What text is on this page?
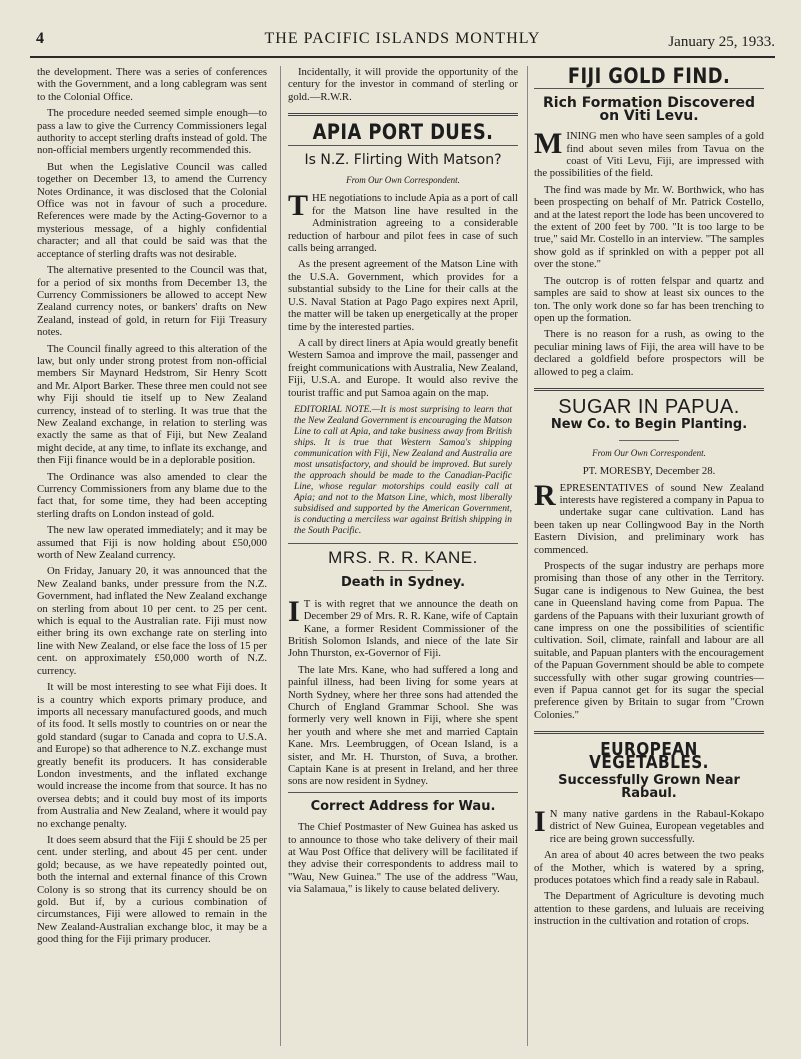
4	THE PACIFIC ISLANDS MONTHLY	January 25, 1933.

the development. There was a series of conferences with the Government, and a long cablegram was sent to the Colonial Office.

The procedure needed seemed simple enough—to pass a law to give the Currency Commissioners legal authority to accept sterling drafts instead of gold. The non-official members urgently recommended this.

But when the Legislative Council was called together on December 13, to amend the Currency Notes Ordinance, it was disclosed that the Colonial Office was not in favour of such a procedure. References were made by the Acting-Governor to a mysterious message, of a highly confidential character; and all that could be said was that the acceptance of sterling drafts was not desirable.

The alternative presented to the Council was that, for a period of six months from December 13, the Currency Commissioners be allowed to accept New Zealand currency notes, or bankers' drafts on New Zealand, instead of gold, in return for Fiji Treasury notes.

The Council finally agreed to this alteration of the law, but only under strong protest from non-official members Sir Maynard Hedstrom, Sir Henry Scott and Mr. Alport Barker. These three men could not see why Fiji should tie itself up to New Zealand currency, instead of to sterling. It was true that the New Zealand exchange, in relation to sterling was exactly the same as that of Fiji, but New Zealand might decide, at any time, to inflate its exchange, and then Fiji finance would be in a deplorable position.

The Ordinance was also amended to clear the Currency Commissioners from any blame due to the fact that, for some time, they had been accepting sterling drafts on London instead of gold.

The new law operated immediately; and it may be assumed that Fiji is now holding about £50,000 worth of New Zealand currency.

On Friday, January 20, it was announced that the New Zealand banks, under pressure from the N.Z. Government, had inflated the New Zealand exchange on sterling from about 10 per cent. to 25 per cent. which is equal to the Australian rate. Fiji must now either bring its own exchange rate on sterling into line with New Zealand, or else face the loss of 15 per cent. on approximately £50,000 worth of N.Z. currency.

It will be most interesting to see what Fiji does. It is a country which exports primary produce, and imports all necessary manufactured goods, and much of its food. It sells mostly to countries on or near the gold standard (sugar to Canada and copra to U.S.A. and Europe) so that adherence to N.Z. exchange must greatly benefit its producers. It has considerable London investments, and the inflated exchange would increase the income from that source. It has no oversea debts; and it could buy most of its imports from Australia and New Zealand, where it would pay no exchange penalty.

It does seem absurd that the Fiji £ should be 25 per cent. under sterling, and about 45 per cent. under gold; because, as we have repeatedly pointed out, both the internal and external finance of this Crown Colony is so strong that its currency should be on gold. But if, by a curious combination of circumstances, Fiji were allowed to remain in the New Zealand-Australian exchange bloc, it may be a good thing for the Fiji primary producer.

Incidentally, it will provide the opportunity of the century for the investor in command of sterling or gold.—R.W.R.

APIA PORT DUES.
Is N.Z. Flirting With Matson?
From Our Own Correspondent.

THE negotiations to include Apia as a port of call for the Matson line have resulted in the Administration agreeing to a considerable reduction of harbour and pilot fees in case of such calls being arranged.

As the present agreement of the Matson Line with the U.S.A. Government, which provides for a substantial subsidy to the Line for their calls at the U.S. Naval Station at Pago Pago expires next April, the matter will be taken up energetically at the proper time by the interested parties.

A call by direct liners at Apia would greatly benefit Western Samoa and improve the mail, passenger and freight communications with Australia, New Zealand, Fiji, U.S.A. and Europe. It would also revive the tourist traffic and put Samoa again on the map.

EDITORIAL NOTE.—It is most surprising to learn that the New Zealand Government is encouraging the Matson Line to call at Apia, and take business away from British ships. It is true that Western Samoa's shipping communication with Fiji, New Zealand and Australia are most unsatisfactory, and should be improved. But surely the approach should be made to the Canadian-Pacific Line, whose regular motorships could easily call at Apia; and not to the Matson Line, which, most liberally subsidised and supported by the American Government, is conducting a merciless war against British shipping in the South Pacific.
MRS. R. R. KANE.
Death in Sydney.

I T is with regret that we announce the death on December 29 of Mrs. R. R. Kane, wife of Captain Kane, a former Resident Commissioner of the British Solomon Islands, and niece of the late Sir John Thurston, ex-Governor of Fiji.

The late Mrs. Kane, who had suffered a long and painful illness, had been living for some years at North Sydney, where her three sons had attended the Church of England Grammar School. She was formerly very well known in Fiji, where she spent her youth and where she met and married Captain Kane. Mrs. Leembruggen, of Ocean Island, is a sister, and Mr. H. Thurston, of Suva, a brother. Captain Kane is at present in Ireland, and her three sons are now resident in Sydney.

Correct Address for Wau.

The Chief Postmaster of New Guinea has asked us to announce to those who take delivery of their mail at Wau Post Office that delivery will be facilitated if they advise their correspondents to address mail to "Wau, New Guinea." The use of the address "Wau, via Salamaua," is likely to cause belated delivery.

FIJI GOLD FIND.
Rich Formation Discovered on Viti Levu.

MINING men who have seen samples of a gold find about seven miles from Tavua on the coast of Viti Levu, Fiji, are impressed with the possibilities of the field.

The find was made by Mr. W. Borthwick, who has been prospecting on behalf of Mr. Patrick Costello, and at the latest report the lode has been uncovered to the extent of 200 feet by 700. "It is too large to be true," said Mr. Costello in an interview. "The samples show gold as if sprinkled on with a pepper pot all over the stone."

The outcrop is of rotten felspar and quartz and samples are said to show at least six ounces to the ton. The only work done so far has been trenching to open up the formation.

There is no reason for a rush, as owing to the peculiar mining laws of Fiji, the area will have to be declared a goldfield before prospectors will be allowed to peg a claim.

SUGAR IN PAPUA.
New Co. to Begin Planting.
From Our Own Correspondent.

PT. MORESBY, December 28.

REPRESENTATIVES of sound New Zealand interests have registered a company in Papua to undertake sugar cane cultivation. Land has been taken up near Collingwood Bay in the North Eastern Division, and preliminary work has commenced.

Prospects of the sugar industry are perhaps more promising than those of any other in the Territory. Sugar cane is indigenous to New Guinea, the best cane in Queensland having come from Papua. The gardens of the Papuans with their luxuriant growth of cane impress on one the possibilities of scientific cultivation. Soil, climate, rainfall and labour are all suitable, and Papuan planters with the encouragement of the Papuan Government should be able to compete successfully with other sugar growing countries—even if Papua cannot get for its sugar the special preference given by Britain to sugar from "Crown Colonies."

EUROPEAN VEGETABLES.
Successfully Grown Near Rabaul.

I N many native gardens in the Rabaul-Kokapo district of New Guinea, European vegetables and rice are being grown successfully.

An area of about 40 acres between the two peaks of the Mother, which is watered by a spring, produces potatoes which find a ready sale in Rabaul.

The Department of Agriculture is devoting much attention to these gardens, and luluais are receiving instruction in the cultivation and rotation of crops.
